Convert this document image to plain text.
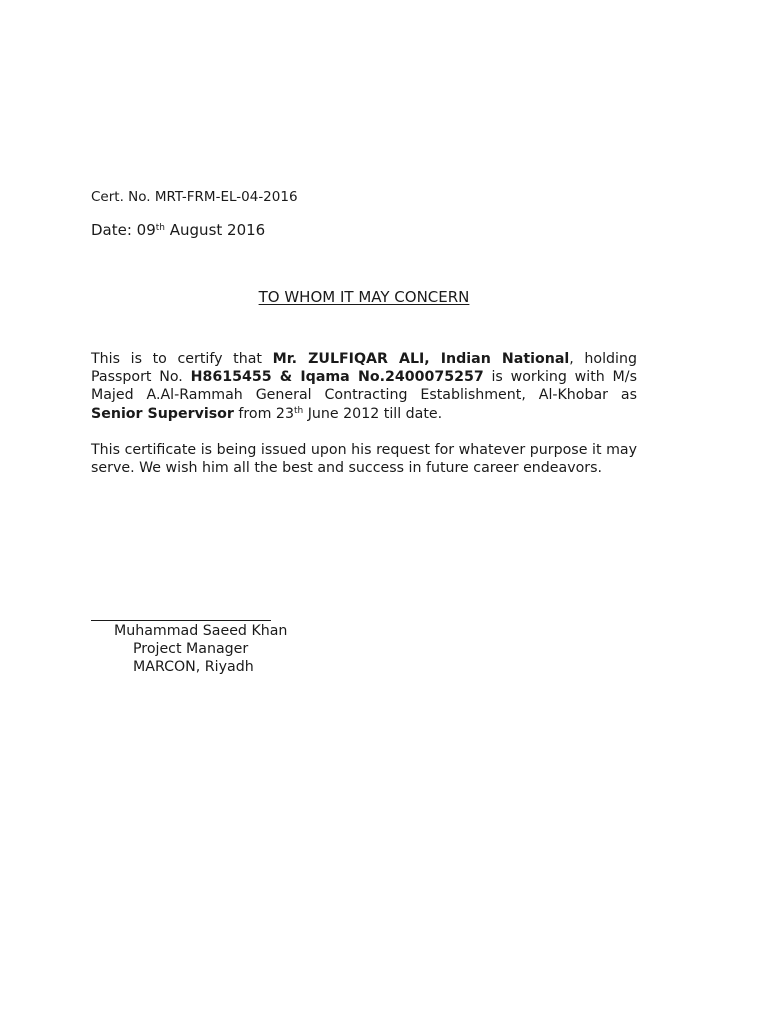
Cert. No. MRT-FRM-EL-04-2016
Date: 09th August 2016
TO WHOM IT MAY CONCERN
This is to certify that Mr. ZULFIQAR ALI, Indian National, holding Passport No. H8615455 & Iqama No.2400075257 is working with M/s Majed A.Al-Rammah General Contracting Establishment, Al-Khobar as Senior Supervisor from 23th June 2012 till date.
This certificate is being issued upon his request for whatever purpose it may serve. We wish him all the best and success in future career endeavors.
Muhammad Saeed Khan
Project Manager
MARCON, Riyadh
